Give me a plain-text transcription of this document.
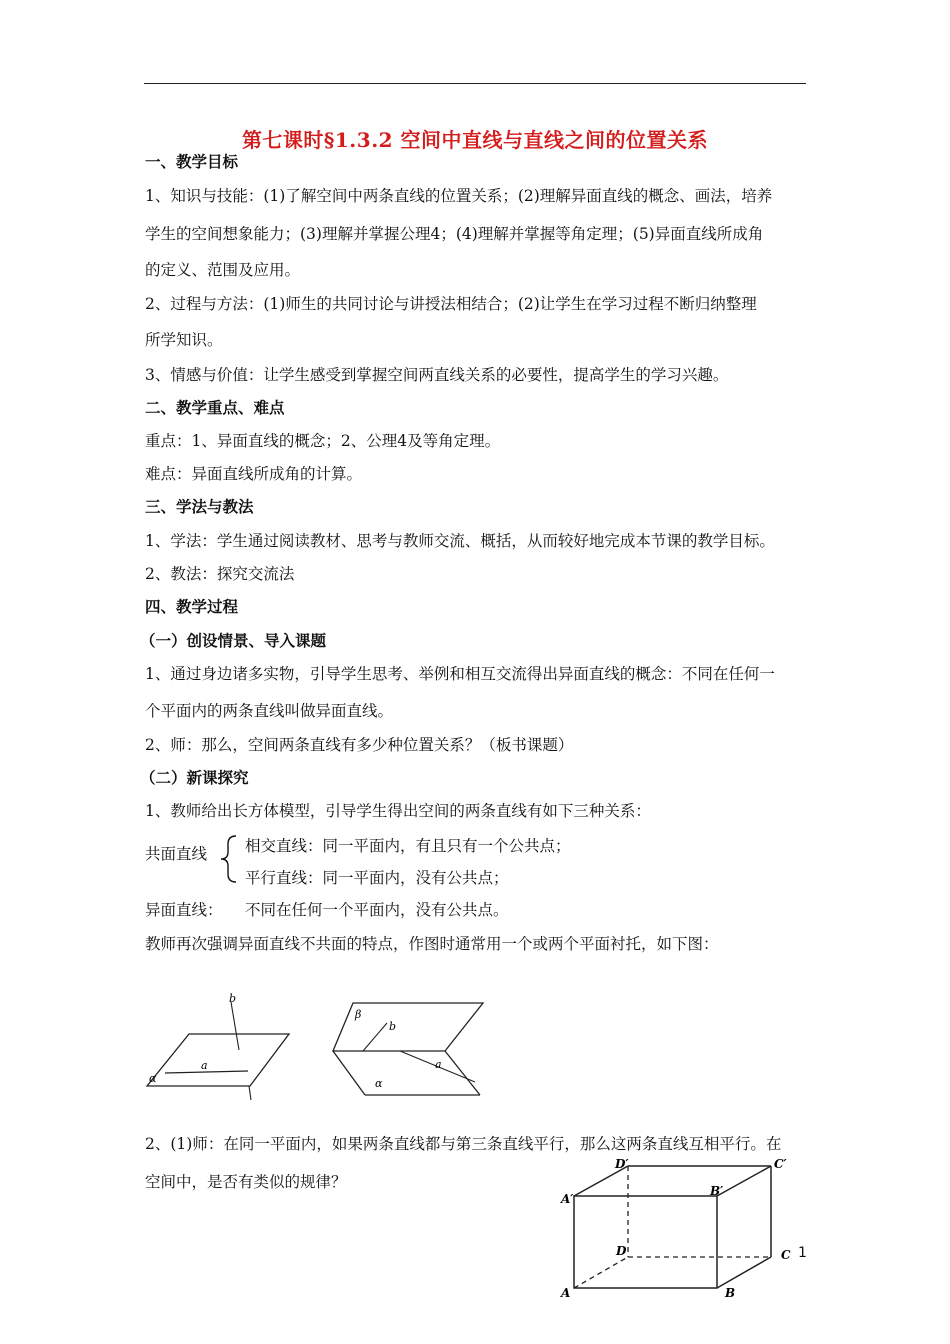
第七课时§1.3.2 空间中直线与直线之间的位置关系
一、教学目标
1、知识与技能：(1)了解空间中两条直线的位置关系；(2)理解异面直线的概念、画法，培养
学生的空间想象能力；(3)理解并掌握公理4；(4)理解并掌握等角定理；(5)异面直线所成角
的定义、范围及应用。
2、过程与方法：(1)师生的共同讨论与讲授法相结合；(2)让学生在学习过程不断归纳整理
所学知识。
3、情感与价值：让学生感受到掌握空间两直线关系的必要性，提高学生的学习兴趣。
二、教学重点、难点
重点：1、异面直线的概念；2、公理4及等角定理。
难点：异面直线所成角的计算。
三、学法与教法
1、学法：学生通过阅读教材、思考与教师交流、概括，从而较好地完成本节课的教学目标。
2、教法：探究交流法
四、教学过程
（一）创设情景、导入课题
1、通过身边诸多实物，引导学生思考、举例和相互交流得出异面直线的概念：不同在任何一
个平面内的两条直线叫做异面直线。
2、师：那么，空间两条直线有多少种位置关系？（板书课题）
（二）新课探究
1、教师给出长方体模型，引导学生得出空间的两条直线有如下三种关系：
共面直线 相交直线：同一平面内，有且只有一个公共点；
平行直线：同一平面内，没有公共点；
异面直线： 不同在任何一个平面内，没有公共点。
教师再次强调异面直线不共面的特点，作图时通常用一个或两个平面衬托，如下图：
b
a
α
β
b
a
α
2、(1)师：在同一平面内，如果两条直线都与第三条直线平行，那么这两条直线互相平行。在
空间中，是否有类似的规律？
D′	C′
A′
B′
D	C
A	B
1
